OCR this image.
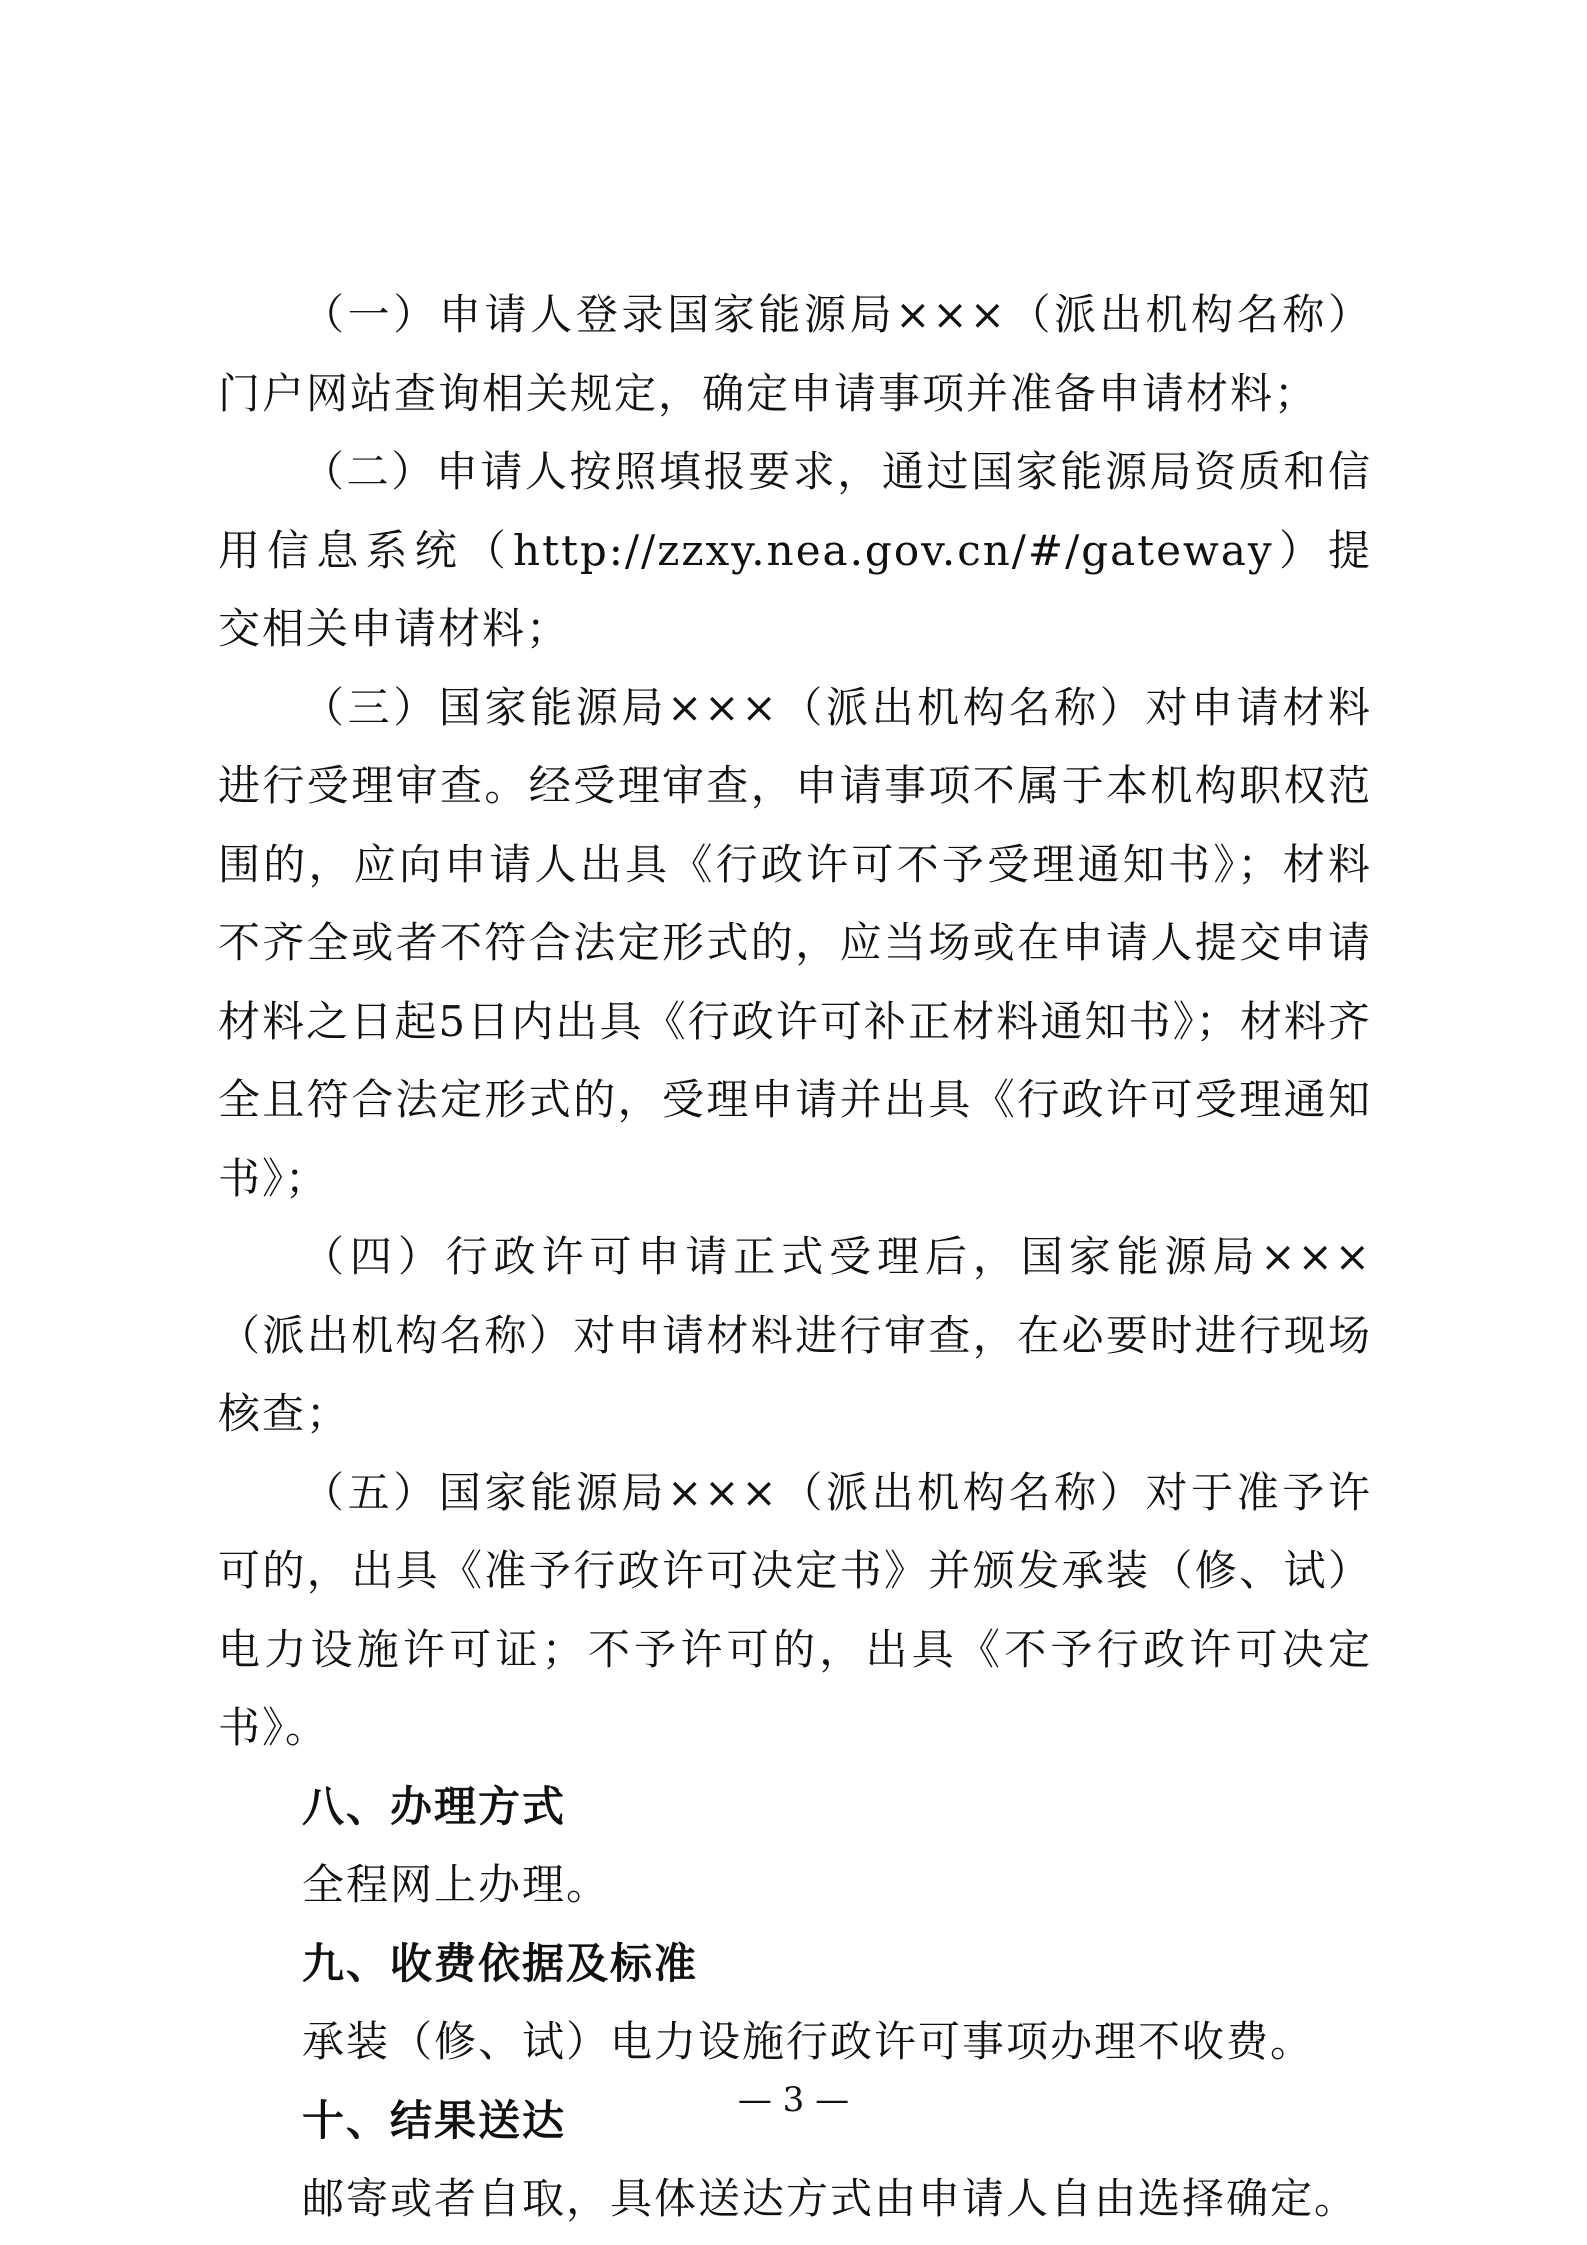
（一）申请人登录国家能源局×××（派出机构名称）门户网站查询相关规定，确定申请事项并准备申请材料；

（二）申请人按照填报要求，通过国家能源局资质和信用信息系统（http://zzxy.nea.gov.cn/#/gateway）提交相关申请材料；

（三）国家能源局×××（派出机构名称）对申请材料进行受理审查。经受理审查，申请事项不属于本机构职权范围的，应向申请人出具《行政许可不予受理通知书》；材料不齐全或者不符合法定形式的，应当场或在申请人提交申请材料之日起5日内出具《行政许可补正材料通知书》；材料齐全且符合法定形式的，受理申请并出具《行政许可受理通知书》；

（四）行政许可申请正式受理后，国家能源局×××（派出机构名称）对申请材料进行审查，在必要时进行现场核查；

（五）国家能源局×××（派出机构名称）对于准予许可的，出具《准予行政许可决定书》并颁发承装（修、试）电力设施许可证；不予许可的，出具《不予行政许可决定书》。

八、办理方式

全程网上办理。

九、收费依据及标准

承装（修、试）电力设施行政许可事项办理不收费。

十、结果送达

邮寄或者自取，具体送达方式由申请人自由选择确定。

— 3 —
